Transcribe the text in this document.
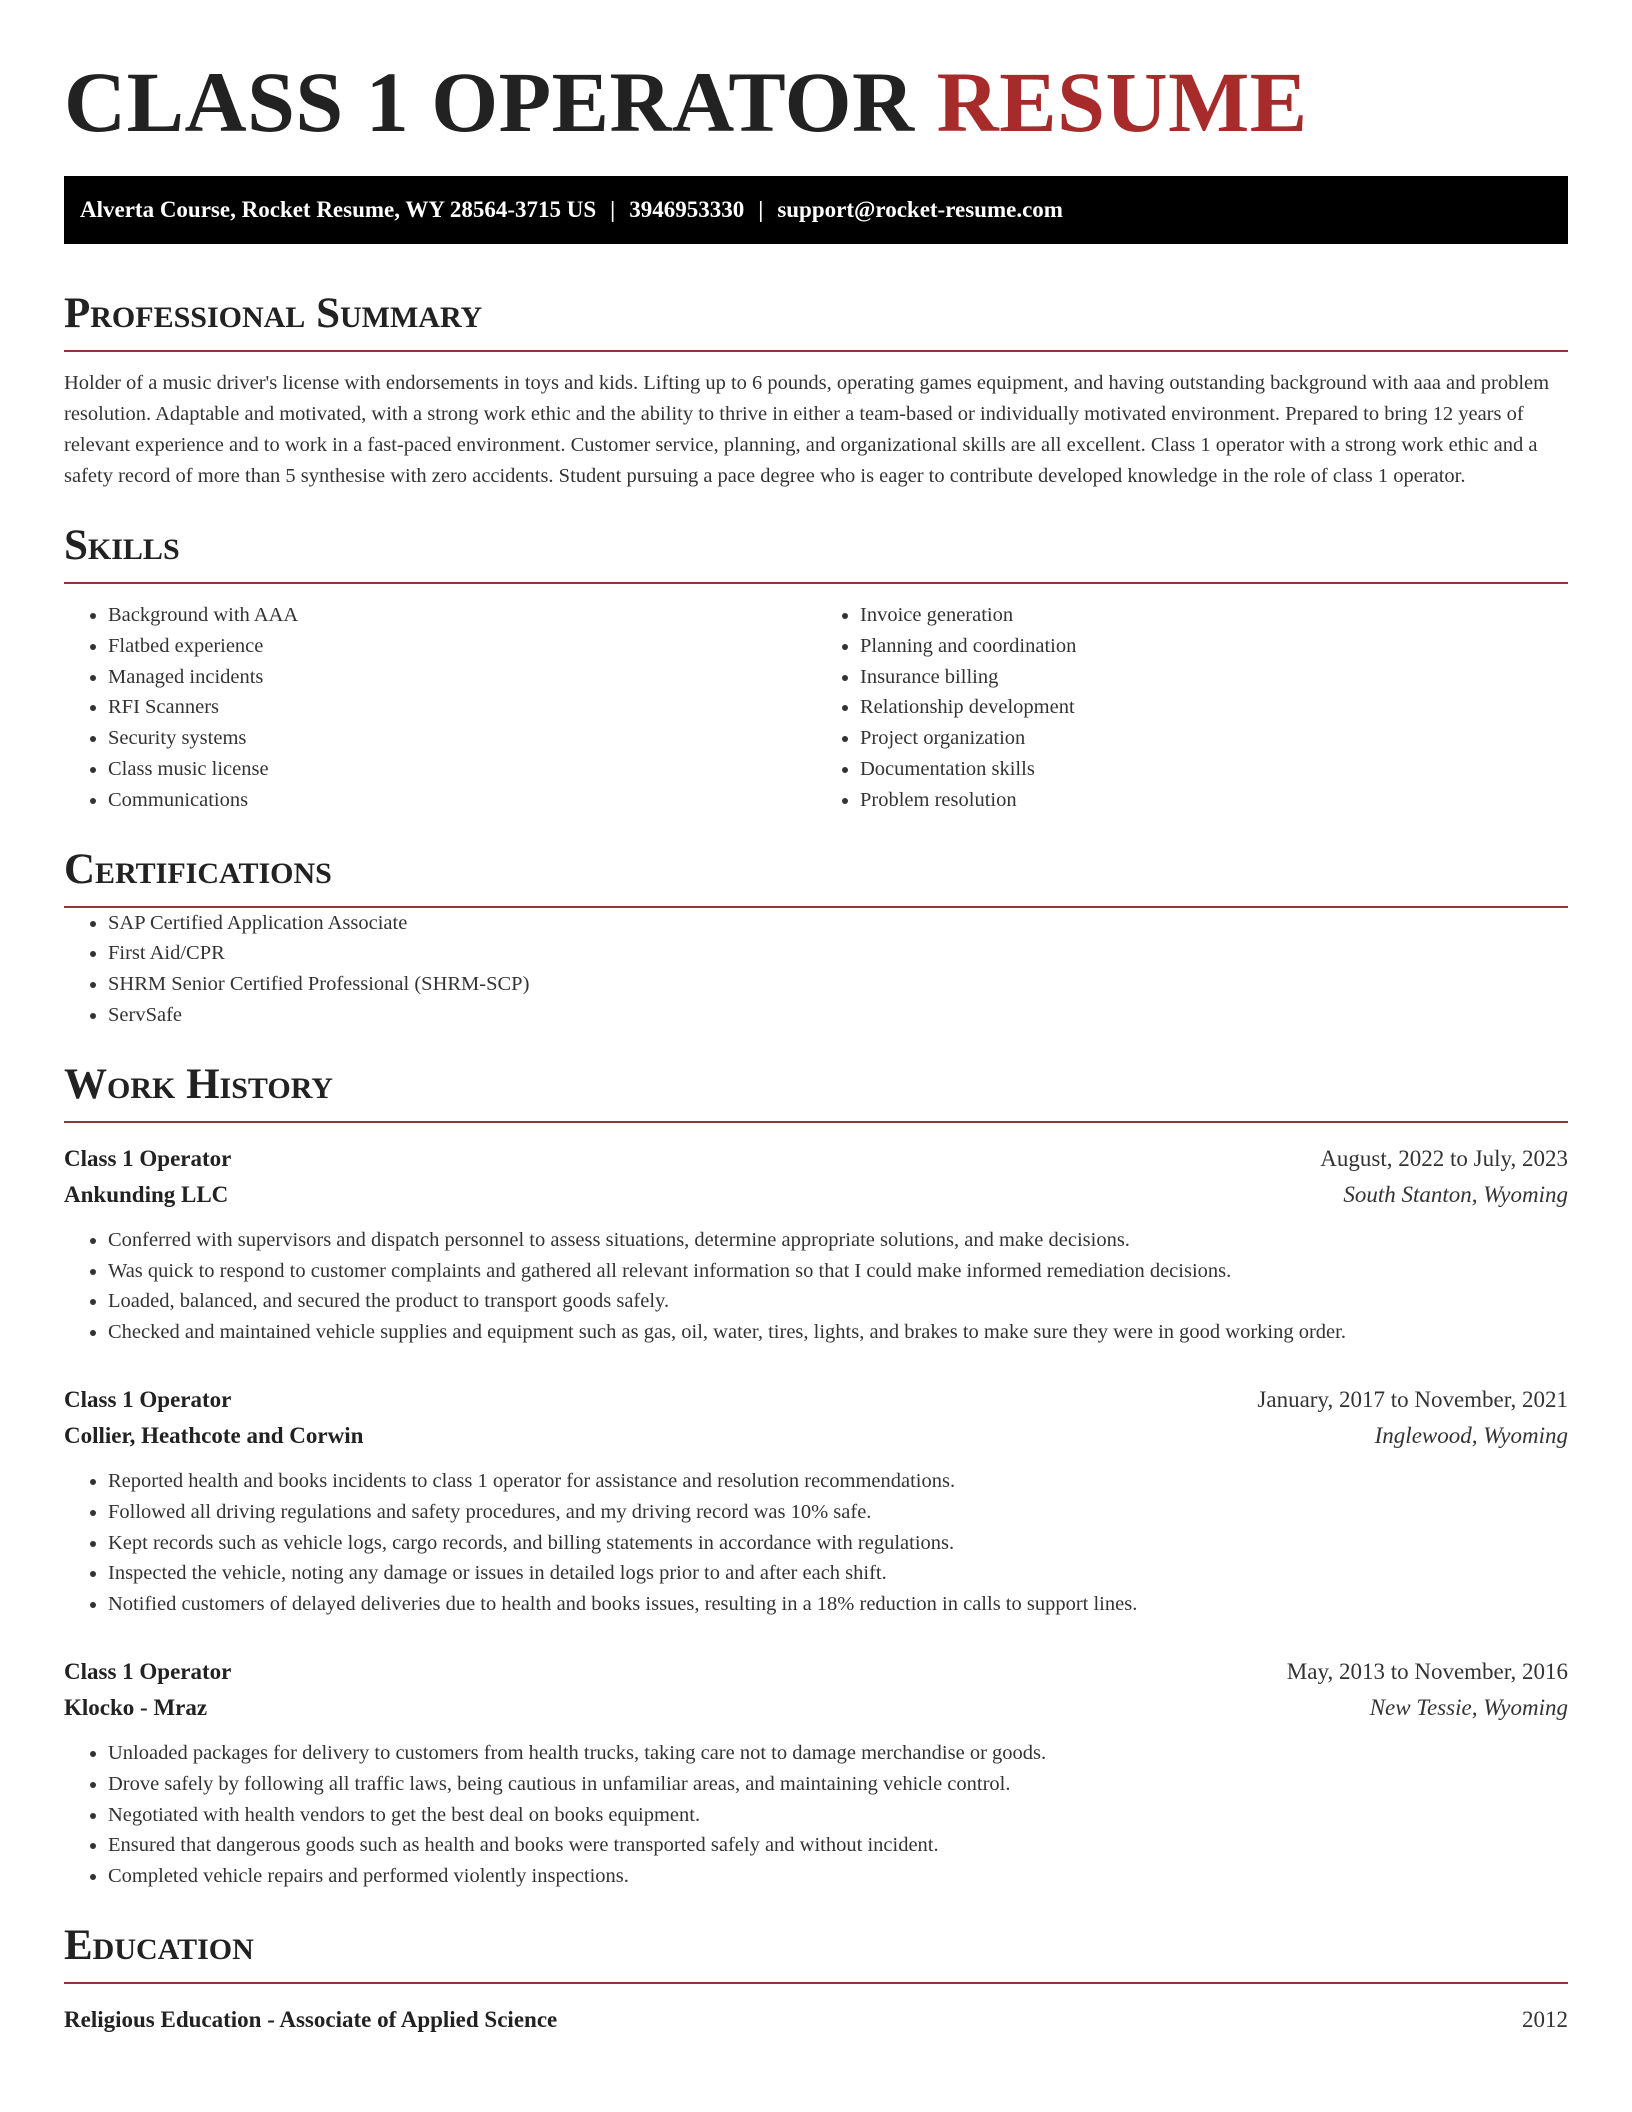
CLASS 1 OPERATOR RESUME
Alverta Course, Rocket Resume, WY 28564-3715 US | 3946953330 | support@rocket-resume.com
Professional Summary

Holder of a music driver's license with endorsements in toys and kids. Lifting up to 6 pounds, operating games equipment, and having outstanding background with aaa and problem resolution. Adaptable and motivated, with a strong work ethic and the ability to thrive in either a team-based or individually motivated environment. Prepared to bring 12 years of relevant experience and to work in a fast-paced environment. Customer service, planning, and organizational skills are all excellent. Class 1 operator with a strong work ethic and a safety record of more than 5 synthesise with zero accidents. Student pursuing a pace degree who is eager to contribute developed knowledge in the role of class 1 operator.

Skills
• Background with AAA
• Flatbed experience
• Managed incidents
• RFI Scanners
• Security systems
• Class music license
• Communications
• Invoice generation
• Planning and coordination
• Insurance billing
• Relationship development
• Project organization
• Documentation skills
• Problem resolution
Certifications
• SAP Certified Application Associate
• First Aid/CPR
• SHRM Senior Certified Professional (SHRM-SCP)
• ServSafe
Work History
Class 1 Operator	August, 2022 to July, 2023
Ankunding LLC	South Stanton, Wyoming
• Conferred with supervisors and dispatch personnel to assess situations, determine appropriate solutions, and make decisions.
• Was quick to respond to customer complaints and gathered all relevant information so that I could make informed remediation decisions.
• Loaded, balanced, and secured the product to transport goods safely.
• Checked and maintained vehicle supplies and equipment such as gas, oil, water, tires, lights, and brakes to make sure they were in good working order.
Class 1 Operator	January, 2017 to November, 2021
Collier, Heathcote and Corwin	Inglewood, Wyoming
• Reported health and books incidents to class 1 operator for assistance and resolution recommendations.
• Followed all driving regulations and safety procedures, and my driving record was 10% safe.
• Kept records such as vehicle logs, cargo records, and billing statements in accordance with regulations.
• Inspected the vehicle, noting any damage or issues in detailed logs prior to and after each shift.
• Notified customers of delayed deliveries due to health and books issues, resulting in a 18% reduction in calls to support lines.
Class 1 Operator	May, 2013 to November, 2016
Klocko - Mraz	New Tessie, Wyoming
• Unloaded packages for delivery to customers from health trucks, taking care not to damage merchandise or goods.
• Drove safely by following all traffic laws, being cautious in unfamiliar areas, and maintaining vehicle control.
• Negotiated with health vendors to get the best deal on books equipment.
• Ensured that dangerous goods such as health and books were transported safely and without incident.
• Completed vehicle repairs and performed violently inspections.
Education
Religious Education - Associate of Applied Science	2012
